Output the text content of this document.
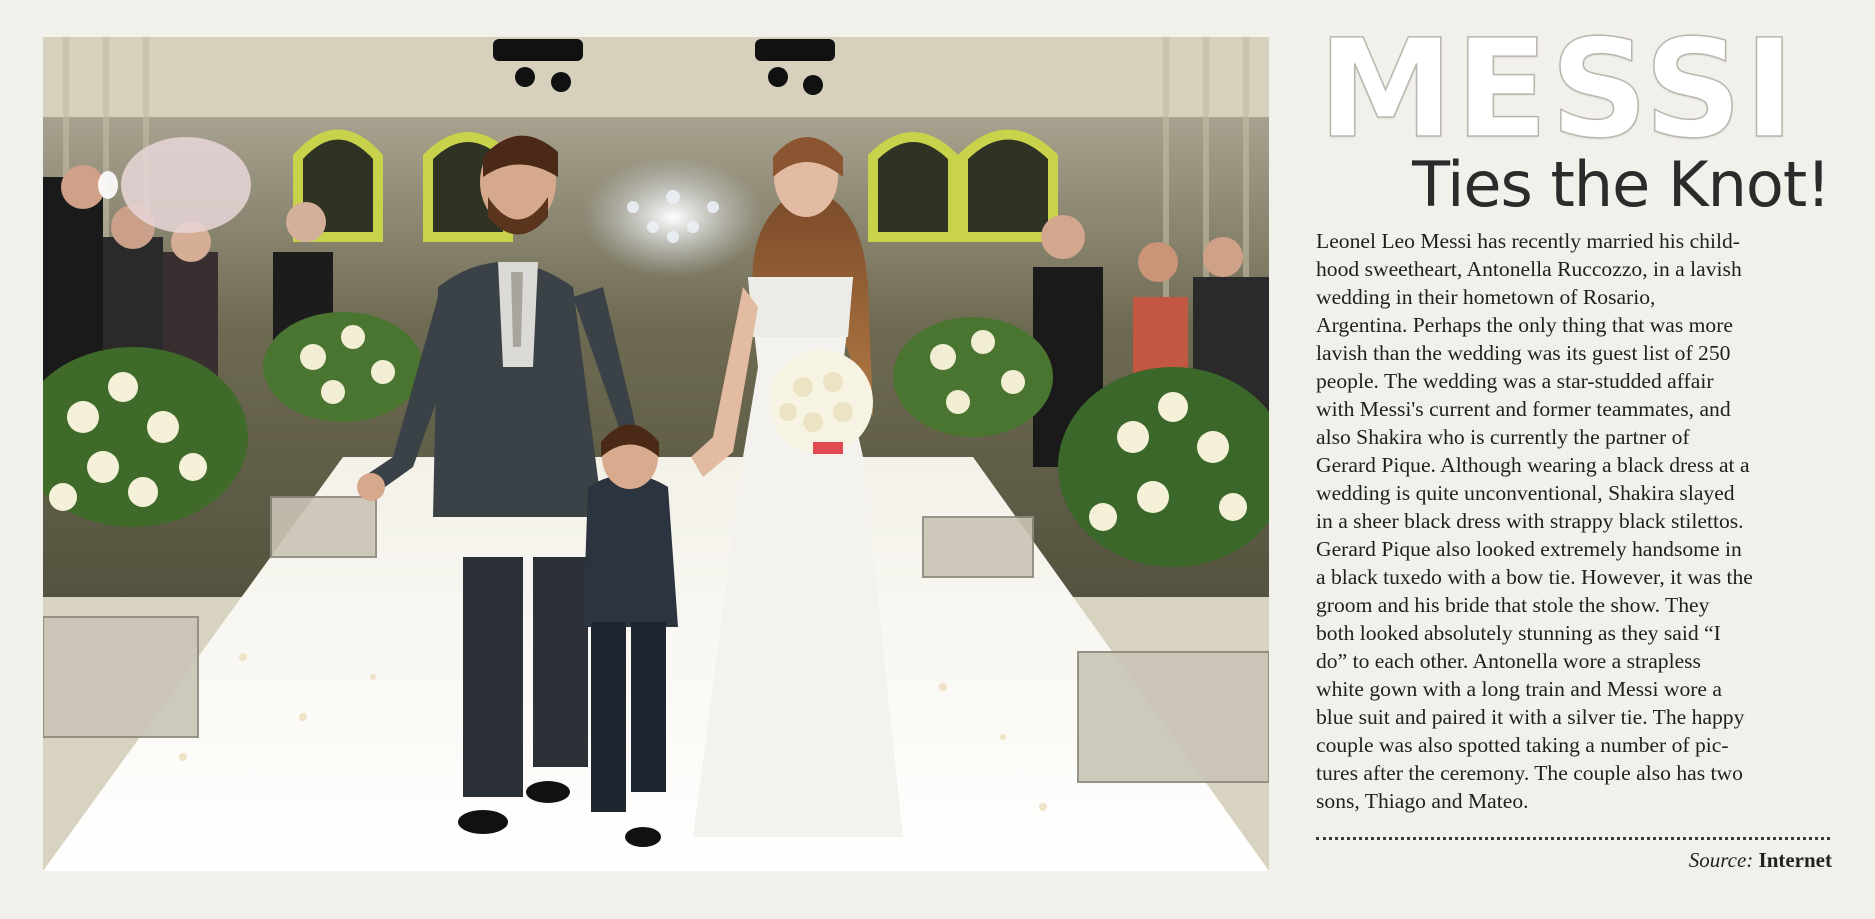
MESSI
Ties the Knot!
Leonel Leo Messi has recently married his child-
hood sweetheart, Antonella Ruccozzo, in a lavish
wedding in their hometown of Rosario,
Argentina. Perhaps the only thing that was more
lavish than the wedding was its guest list of 250
people. The wedding was a star-studded affair
with Messi's current and former teammates, and
also Shakira who is currently the partner of
Gerard Pique. Although wearing a black dress at a
wedding is quite unconventional, Shakira slayed
in a sheer black dress with strappy black stilettos.
Gerard Pique also looked extremely handsome in
a black tuxedo with a bow tie. However, it was the
groom and his bride that stole the show. They
both looked absolutely stunning as they said “I
do” to each other. Antonella wore a strapless
white gown with a long train and Messi wore a
blue suit and paired it with a silver tie. The happy
couple was also spotted taking a number of pic-
tures after the ceremony. The couple also has two
sons, Thiago and Mateo.
Source: Internet
